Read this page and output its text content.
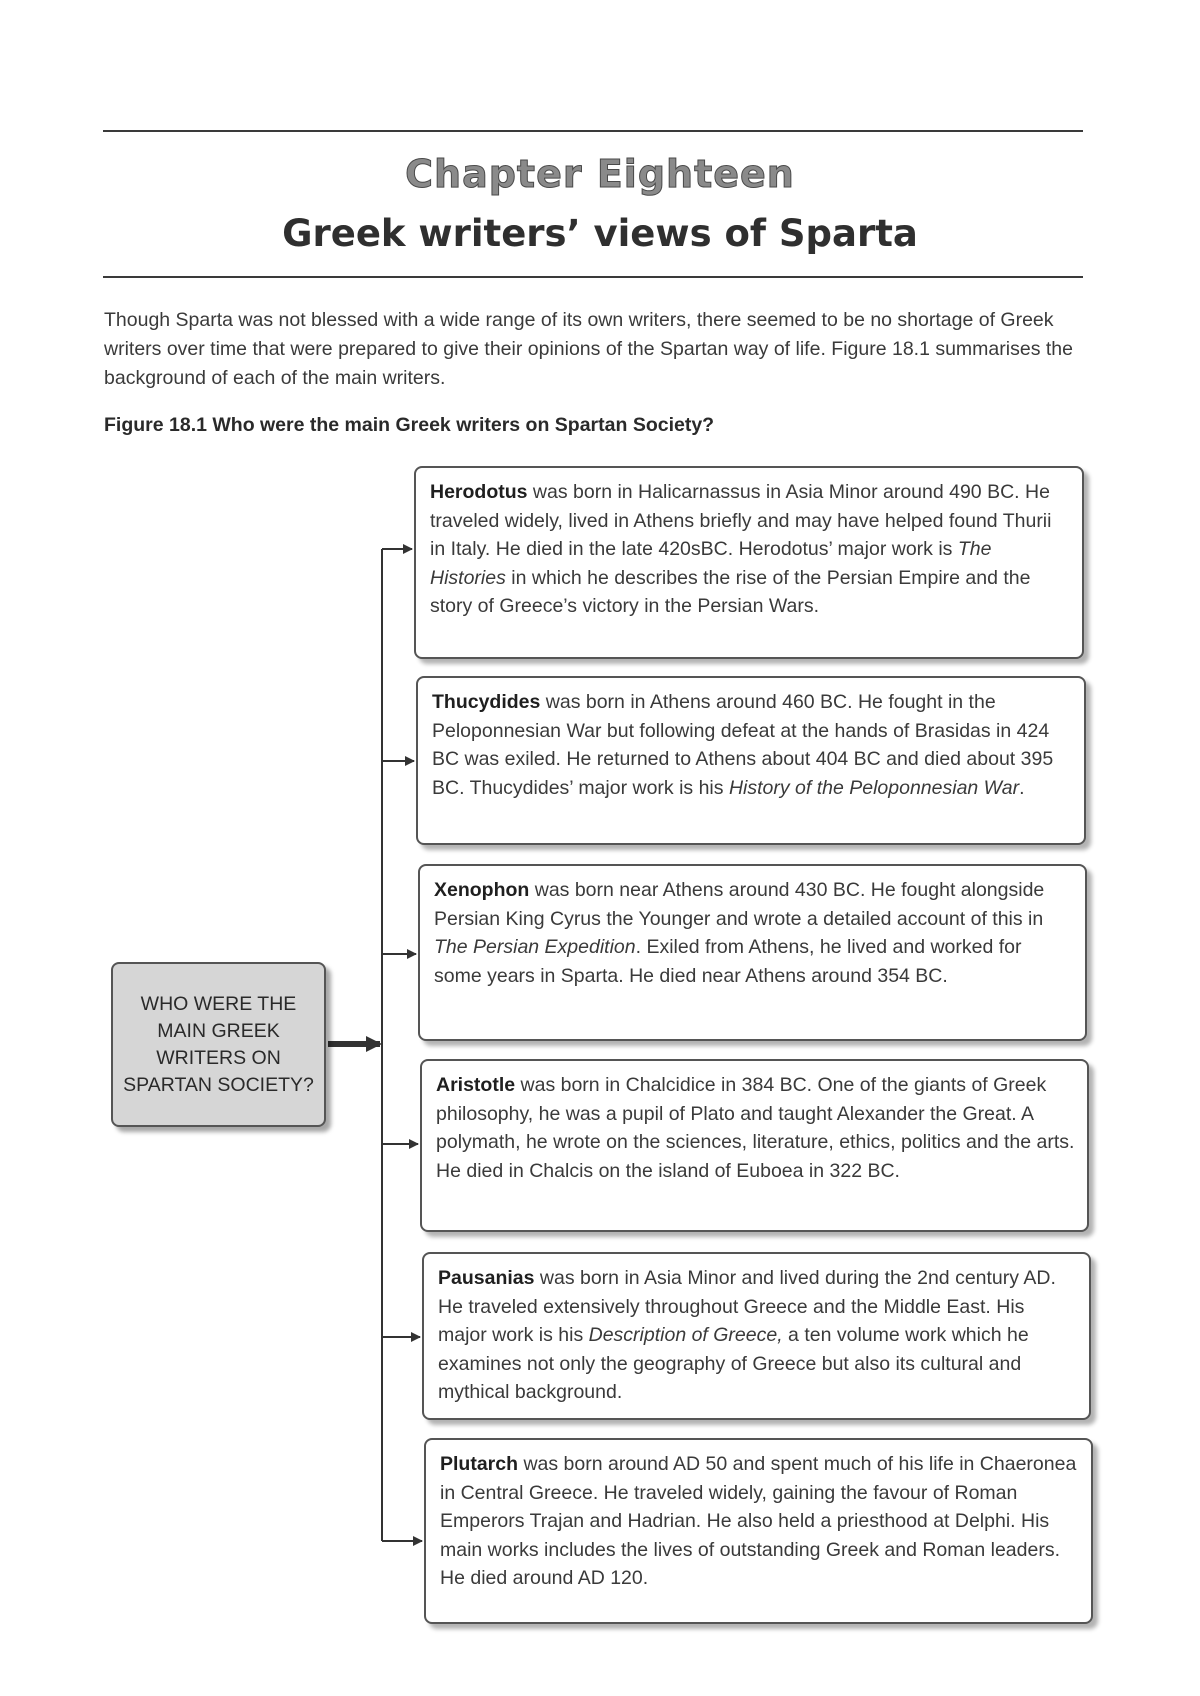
Chapter Eighteen
Greek writers’ views of Sparta

Though Sparta was not blessed with a wide range of its own writers, there seemed to be no shortage of Greek writers over time that were prepared to give their opinions of the Spartan way of life. Figure 18.1 summarises the background of each of the main writers.

Figure 18.1 Who were the main Greek writers on Spartan Society?
WHO WERE THE MAIN GREEK WRITERS ON SPARTAN SOCIETY?
Herodotus was born in Halicarnassus in Asia Minor around 490 BC. He traveled widely, lived in Athens briefly and may have helped found Thurii in Italy. He died in the late 420sBC. Herodotus’ major work is The Histories in which he describes the rise of the Persian Empire and the story of Greece’s victory in the Persian Wars.
Thucydides was born in Athens around 460 BC. He fought in the Peloponnesian War but following defeat at the hands of Brasidas in 424 BC was exiled. He returned to Athens about 404 BC and died about 395 BC. Thucydides’ major work is his History of the Peloponnesian War.
Xenophon was born near Athens around 430 BC. He fought alongside Persian King Cyrus the Younger and wrote a detailed account of this in The Persian Expedition. Exiled from Athens, he lived and worked for some years in Sparta. He died near Athens around 354 BC.
Aristotle was born in Chalcidice in 384 BC. One of the giants of Greek philosophy, he was a pupil of Plato and taught Alexander the Great. A polymath, he wrote on the sciences, literature, ethics, politics and the arts. He died in Chalcis on the island of Euboea in 322 BC.
Pausanias was born in Asia Minor and lived during the 2nd century AD. He traveled extensively throughout Greece and the Middle East. His major work is his Description of Greece, a ten volume work which he examines not only the geography of Greece but also its cultural and mythical background.
Plutarch was born around AD 50 and spent much of his life in Chaeronea in Central Greece. He traveled widely, gaining the favour of Roman Emperors Trajan and Hadrian. He also held a priesthood at Delphi. His main works includes the lives of outstanding Greek and Roman leaders. He died around AD 120.
